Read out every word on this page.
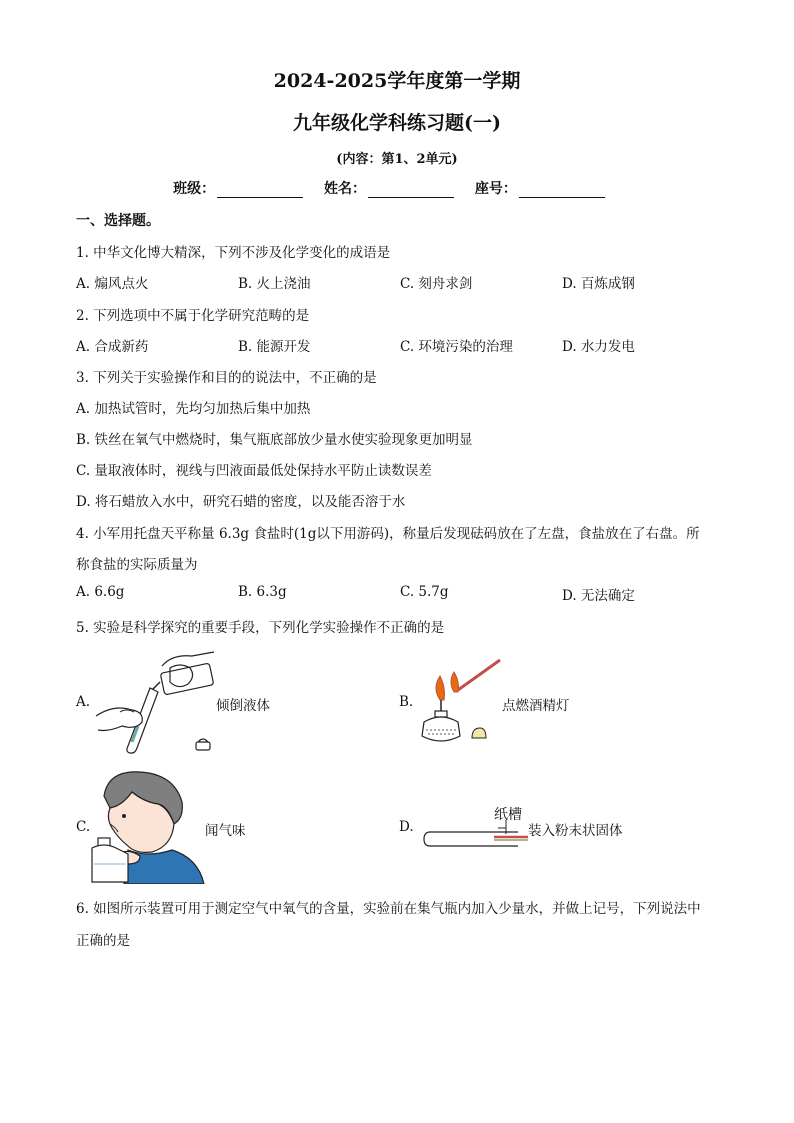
2024-2025学年度第一学期
九年级化学科练习题(一)
(内容：第1、2单元)
班级：	姓名：	座号：
一、选择题。
1. 中华文化博大精深，下列不涉及化学变化的成语是
A. 煽风点火	B. 火上浇油	C. 刻舟求剑	D. 百炼成钢
2. 下列选项中不属于化学研究范畴的是
A. 合成新药	B. 能源开发	C. 环境污染的治理	D. 水力发电
3. 下列关于实验操作和目的的说法中，不正确的是
A. 加热试管时，先均匀加热后集中加热
B. 铁丝在氧气中燃烧时，集气瓶底部放少量水使实验现象更加明显
C. 量取液体时，视线与凹液面最低处保持水平防止读数误差
D. 将石蜡放入水中，研究石蜡的密度，以及能否溶于水
4. 小军用托盘天平称量 6.3g 食盐时(1g以下用游码)，称量后发现砝码放在了左盘，食盐放在了右盘。所
称食盐的实际质量为
A. 6.6g	B. 6.3g	C. 5.7g	D. 无法确定
5. 实验是科学探究的重要手段，下列化学实验操作不正确的是
A.	倾倒液体	B.	点燃酒精灯
C.	闻气味	D.
纸槽
装入粉末状固体
6. 如图所示装置可用于测定空气中氧气的含量，实验前在集气瓶内加入少量水，并做上记号，下列说法中
正确的是
